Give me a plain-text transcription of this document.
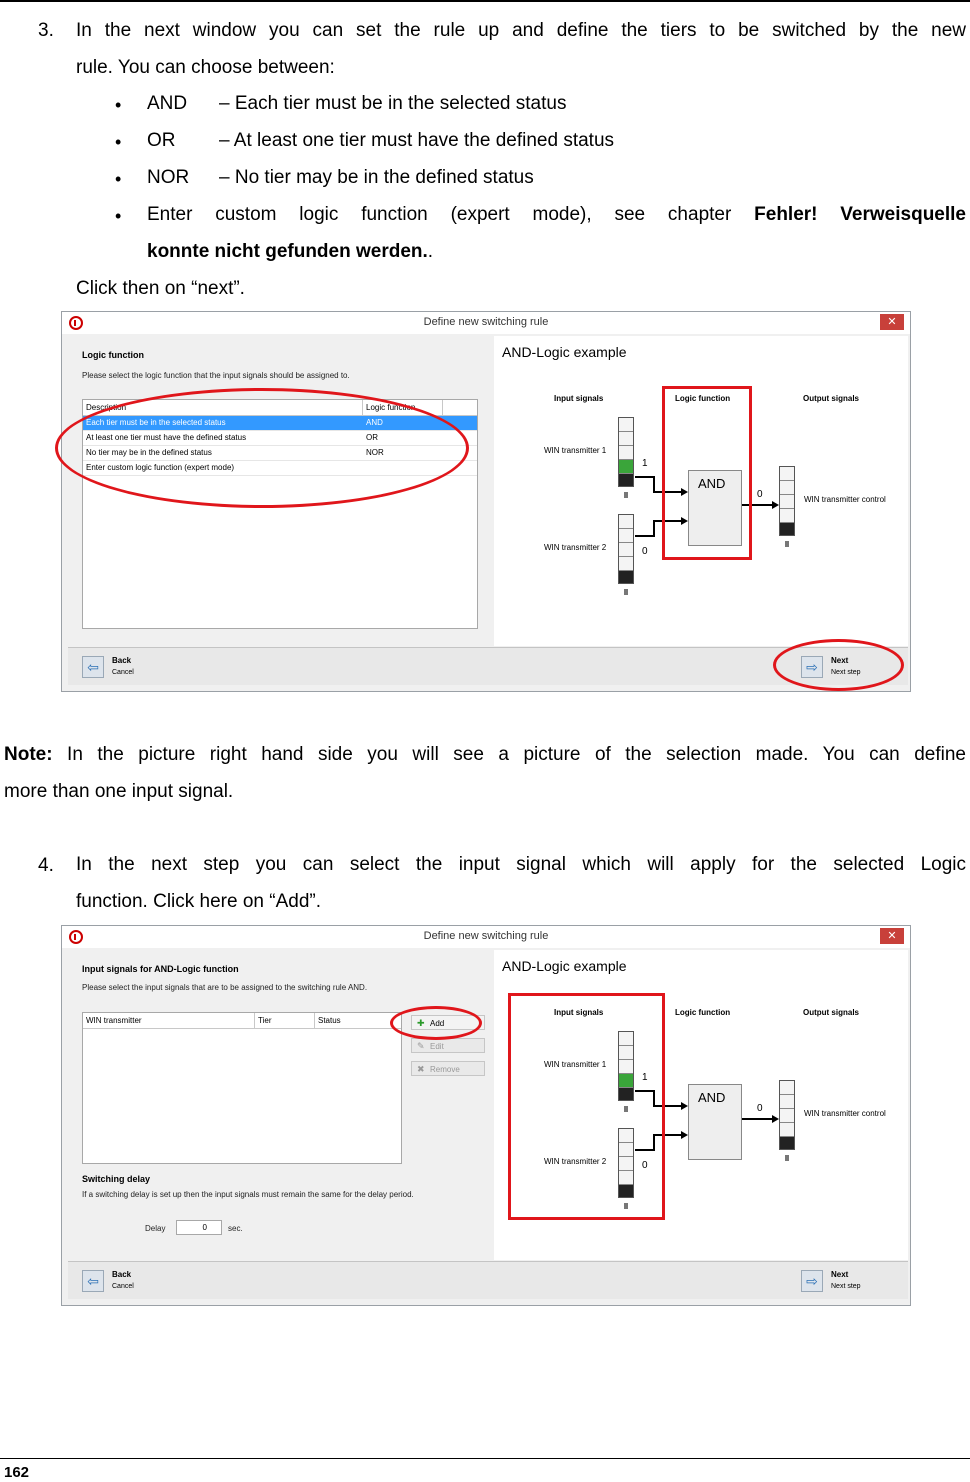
3. In the next window you can set the rule up and define the tiers to be switched by the new
rule. You can choose between:
• AND – Each tier must be in the selected status
• OR – At least one tier must have the defined status
• NOR – No tier may be in the defined status
• Enter custom logic function (expert mode), see chapter Fehler! Verweisquelle
konnte nicht gefunden werden..
Click then on “next”.
Define new switching rule	✕
Logic function
Please select the logic function that the input signals should be assigned to.
Description	Logic function
Each tier must be in the selected status	AND
At least one tier must have the defined status	OR
No tier may be in the defined status	NOR
Enter custom logic function (expert mode)
AND-Logic example
Input signals	Logic function	Output signals
WIN transmitter 1
1
WIN transmitter 2	0
AND
0	WIN transmitter control
⇦	Back
Cancel	⇨	Next
Next step
Note: In the picture right hand side you will see a picture of the selection made. You can define
more than one input signal.
4. In the next step you can select the input signal which will apply for the selected Logic
function. Click here on “Add”.
Define new switching rule	✕
Input signals for AND-Logic function
Please select the input signals that are to be assigned to the switching rule AND.
WIN transmitter	Tier	Status	✚ Add
✎ Edit
✖ Remove
Switching delay
If a switching delay is set up then the input signals must remain the same for the delay period.
Delay	0	sec.
AND-Logic example
Input signals	Logic function	Output signals
WIN transmitter 1
1
WIN transmitter 2	0
AND
0	WIN transmitter control
⇦	Back
Cancel	⇨	Next
Next step
162
